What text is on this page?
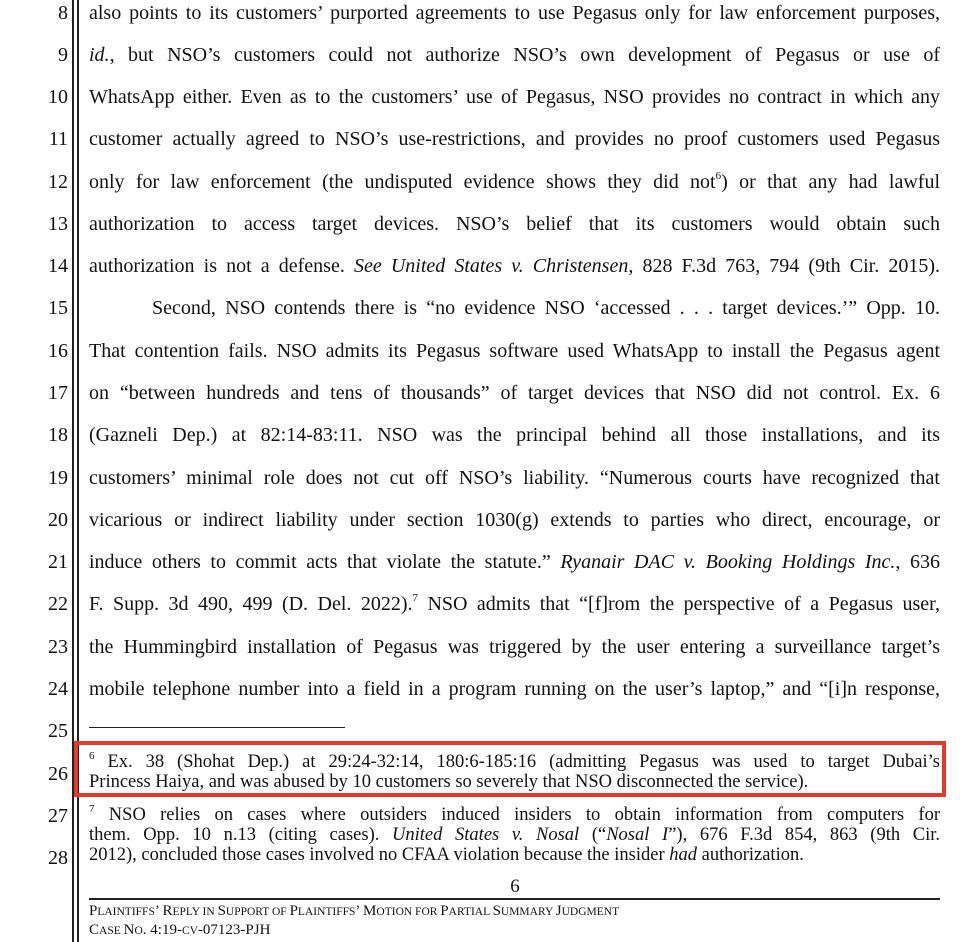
8
9
10
11
12
13
14
15
16
17
18
19
20
21
22
23
24
25
26
27
28
also points to its customers’ purported agreements to use Pegasus only for law enforcement purposes,
id., but NSO’s customers could not authorize NSO’s own development of Pegasus or use of
WhatsApp either. Even as to the customers’ use of Pegasus, NSO provides no contract in which any
customer actually agreed to NSO’s use-restrictions, and provides no proof customers used Pegasus
only for law enforcement (the undisputed evidence shows they did not$^6$) or that any had lawful
authorization to access target devices. NSO’s belief that its customers would obtain such
authorization is not a defense. See United States v. Christensen, 828 F.3d 763, 794 (9th Cir. 2015).
Second, NSO contends there is “no evidence NSO ‘accessed . . . target devices.’” Opp. 10.
That contention fails. NSO admits its Pegasus software used WhatsApp to install the Pegasus agent
on “between hundreds and tens of thousands” of target devices that NSO did not control. Ex. 6
(Gazneli Dep.) at 82:14-83:11. NSO was the principal behind all those installations, and its
customers’ minimal role does not cut off NSO’s liability. “Numerous courts have recognized that
vicarious or indirect liability under section 1030(g) extends to parties who direct, encourage, or
induce others to commit acts that violate the statute.” Ryanair DAC v. Booking Holdings Inc., 636
F. Supp. 3d 490, 499 (D. Del. 2022).$^7$ NSO admits that “[f]rom the perspective of a Pegasus user,
the Hummingbird installation of Pegasus was triggered by the user entering a surveillance target’s
mobile telephone number into a field in a program running on the user’s laptop,” and “[i]n response,
$^6$ Ex. 38 (Shohat Dep.) at 29:24-32:14, 180:6-185:16 (admitting Pegasus was used to target Dubai’s
Princess Haiya, and was abused by 10 customers so severely that NSO disconnected the service).
$^7$ NSO relies on cases where outsiders induced insiders to obtain information from computers for
them. Opp. 10 n.13 (citing cases). United States v. Nosal (“Nosal I”), 676 F.3d 854, 863 (9th Cir.
2012), concluded those cases involved no CFAA violation because the insider had authorization.
6
PLAINTIFFS’ REPLY IN SUPPORT OF PLAINTIFFS’ MOTION FOR PARTIAL SUMMARY JUDGMENT
CASE NO. 4:19-CV-07123-PJH
